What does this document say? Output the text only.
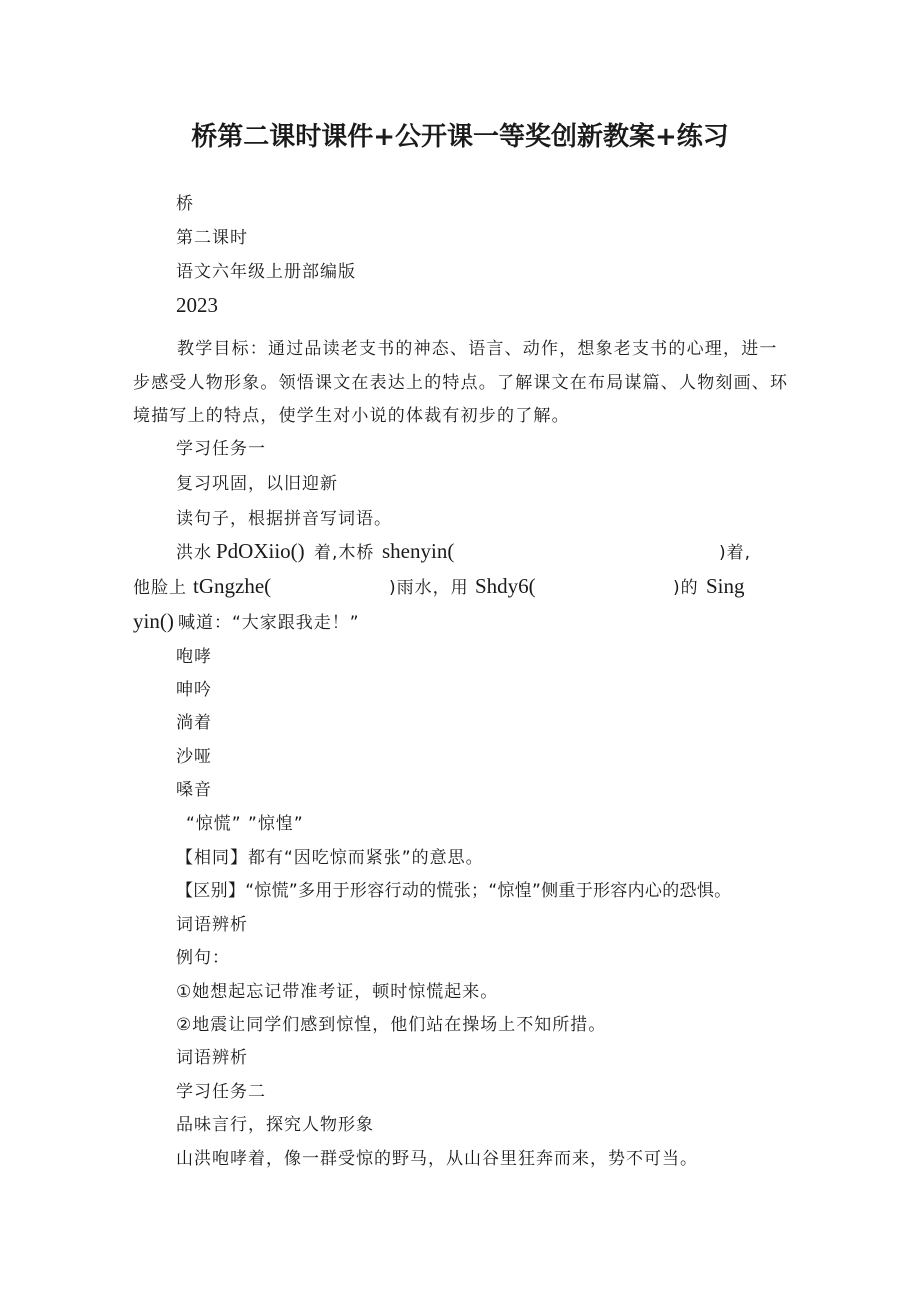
桥第二课时课件+公开课一等奖创新教案+练习
桥
第二课时
语文六年级上册部编版
2023
教学目标：通过品读老支书的神态、语言、动作，想象老支书的心理，进一步感受人物形象。领悟课文在表达上的特点。了解课文在布局谋篇、人物刻画、环境描写上的特点，使学生对小说的体裁有初步的了解。
学习任务一
复习巩固，以旧迎新
读句子，根据拼音写词语。
洪水 PdOXiio() 着,木桥 shenyin(	)着,
他脸上 tGngzhe(	)雨水，用 Shdy6(	)的 Sing
yin() 喊道：“大家跟我走！”
咆哮
呻吟
淌着
沙哑
嗓音
“惊慌” ”惊惶”
【相同】都有“因吃惊而紧张”的意思。
【区别】“惊慌”多用于形容行动的慌张；“惊惶”侧重于形容内心的恐惧。
词语辨析
例句：
①她想起忘记带准考证，顿时惊慌起来。
②地震让同学们感到惊惶，他们站在操场上不知所措。
词语辨析
学习任务二
品味言行，探究人物形象
山洪咆哮着，像一群受惊的野马，从山谷里狂奔而来，势不可当。
